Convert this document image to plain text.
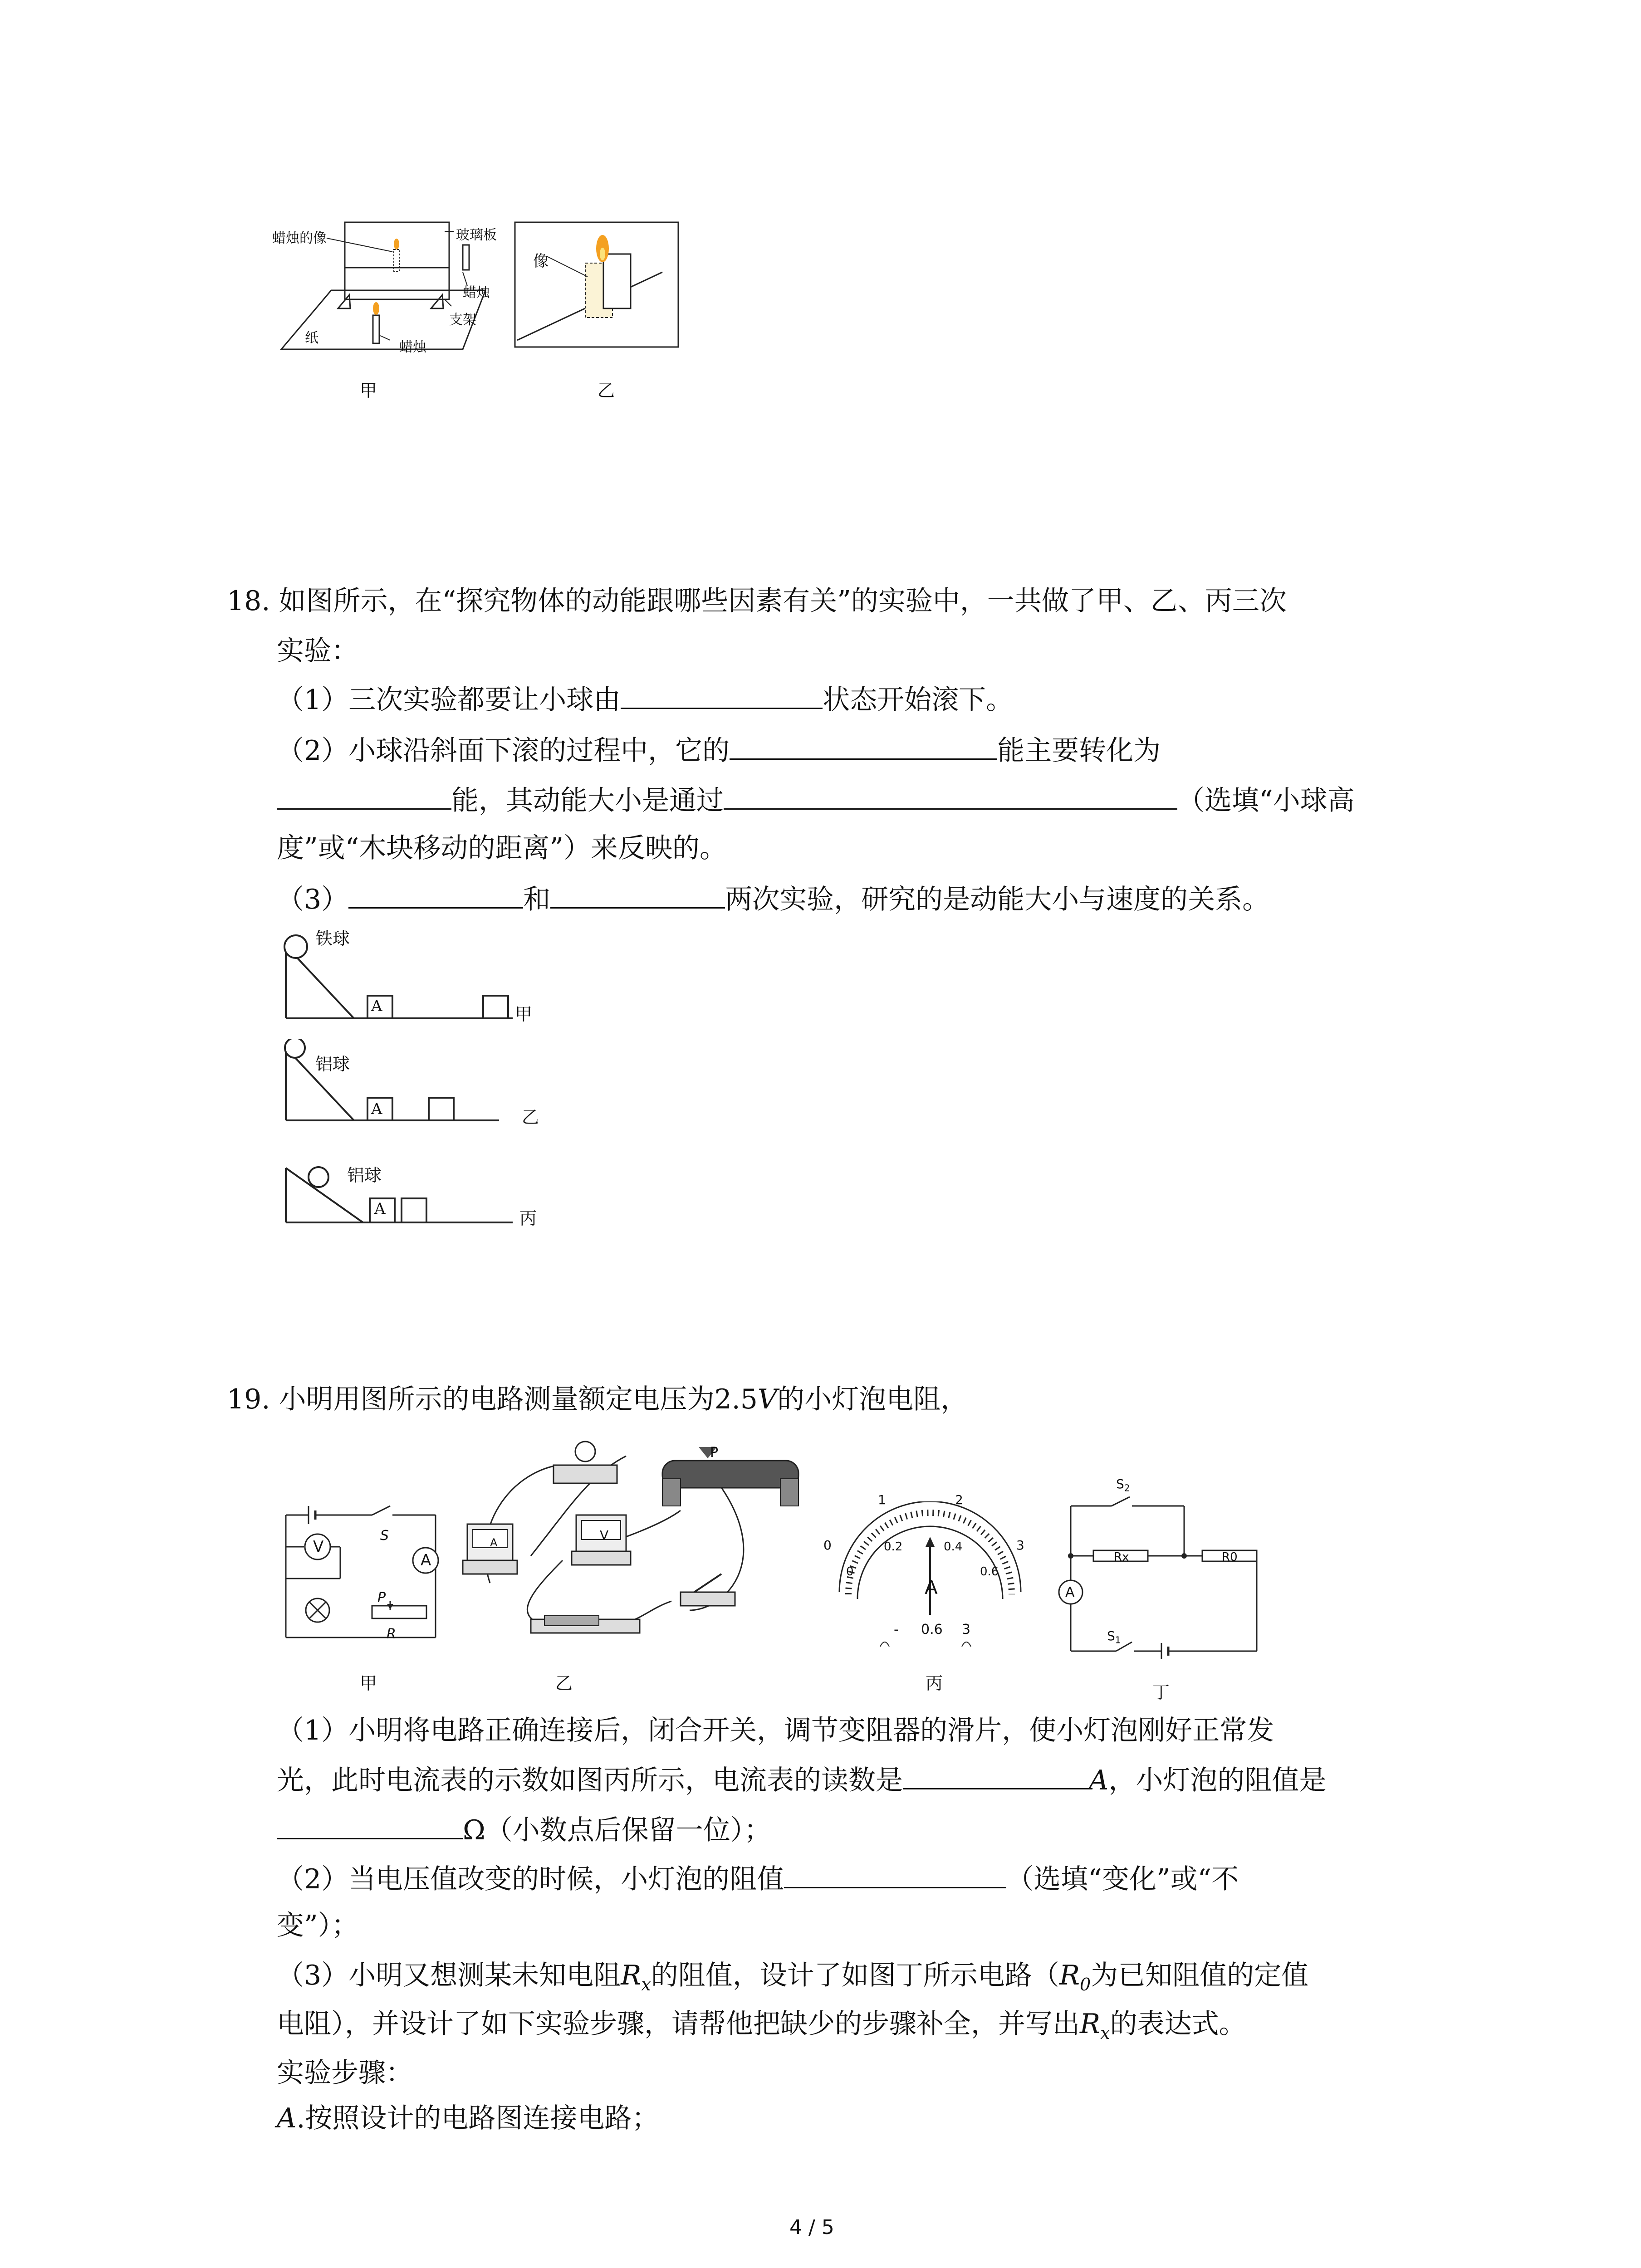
蜡烛的像	玻璃板
蜡烛
支架
纸
蜡烛
甲
像
乙
18. 如图所示，在“探究物体的动能跟哪些因素有关”的实验中，一共做了甲、乙、丙三次
实验：
（1）三次实验都要让小球由	状态开始滚下。
（2）小球沿斜面下滚的过程中，它的	能主要转化为
能，其动能大小是通过	（选填“小球高
度”或“木块移动的距离”）来反映的。
（3）	和	两次实验，研究的是动能大小与速度的关系。
铁球
A	甲
铝球
A	乙
铝球
A	丙
19. 小明用图所示的电路测量额定电压为2.5V的小灯泡电阻，
V
A
S
P
R
甲
P
A	V
乙
0
1	2
3
0
0.2	0.4
0.6
A
- 0.6 3
丙
$S_2$
Rx	R0
A
$S_1$
丁
（1）小明将电路正确连接后，闭合开关，调节变阻器的滑片，使小灯泡刚好正常发
光，此时电流表的示数如图丙所示，电流表的读数是	A，小灯泡的阻值是
Ω（小数点后保留一位）；
（2）当电压值改变的时候，小灯泡的阻值	（选填“变化”或“不
变”）；
（3）小明又想测某未知电阻$R_x$的阻值，设计了如图丁所示电路（$R_0$为已知阻值的定值
电阻），并设计了如下实验步骤，请帮他把缺少的步骤补全，并写出$R_x$的表达式。
实验步骤：
A.按照设计的电路图连接电路；
4 / 5
